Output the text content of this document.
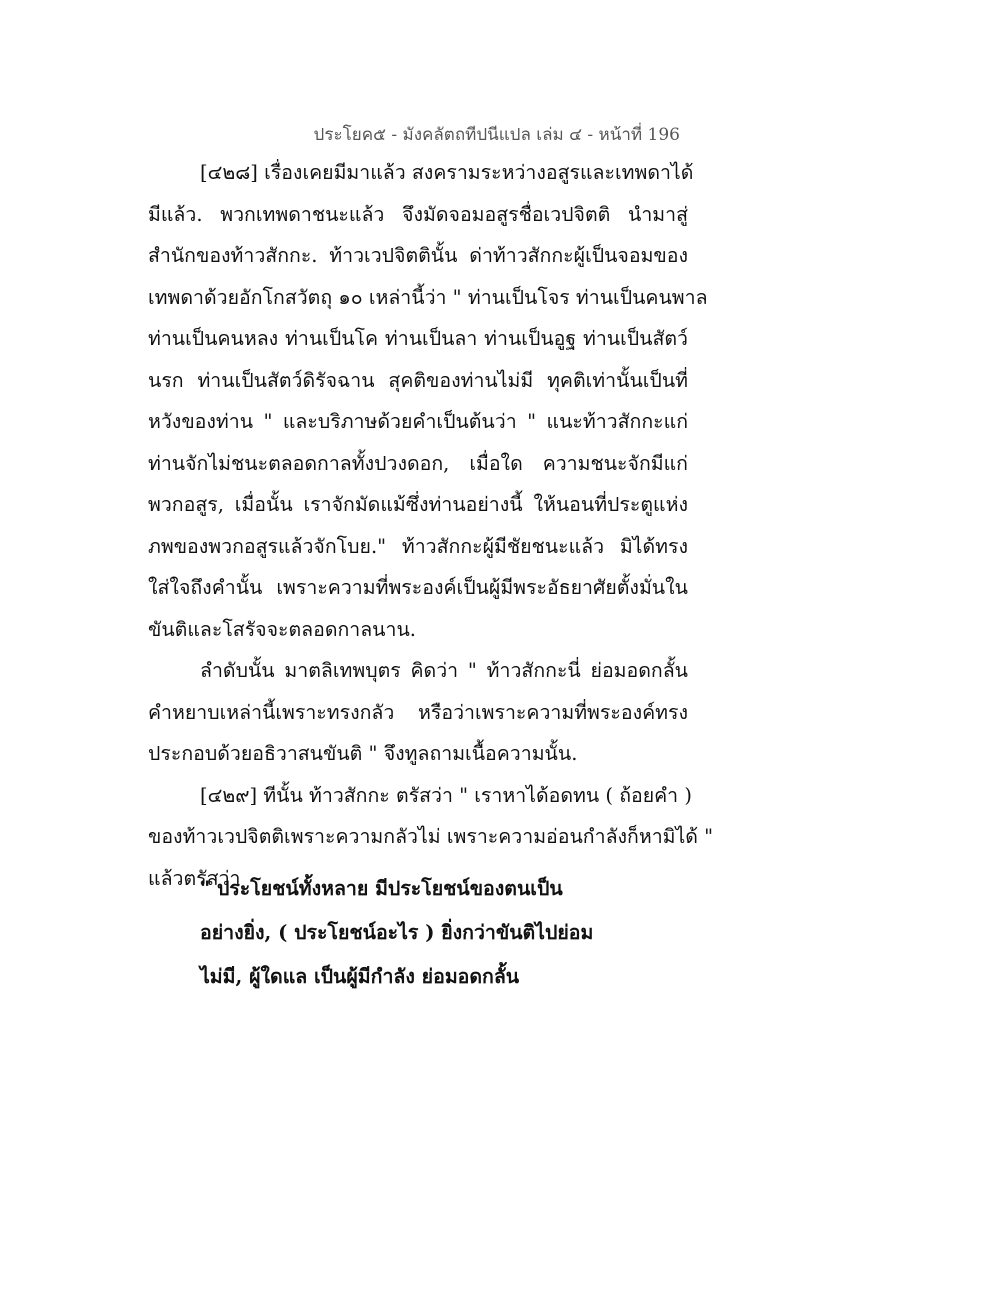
ประโยค๕ - มังคลัตถทีปนีแปล เล่ม ๔ - หน้าที่ 196
[๔๒๘] เรื่องเคยมีมาแล้ว สงครามระหว่างอสูรและเทพดาได้
มีแล้ว. พวกเทพดาชนะแล้ว จึงมัดจอมอสูรชื่อเวปจิตติ นำมาสู่
สำนักของท้าวสักกะ. ท้าวเวปจิตตินั้น ด่าท้าวสักกะผู้เป็นจอมของ
เทพดาด้วยอักโกสวัตถุ ๑๐ เหล่านี้ว่า " ท่านเป็นโจร ท่านเป็นคนพาล
ท่านเป็นคนหลง ท่านเป็นโค ท่านเป็นลา ท่านเป็นอูฐ ท่านเป็นสัตว์
นรก ท่านเป็นสัตว์ดิรัจฉาน สุคติของท่านไม่มี ทุคติเท่านั้นเป็นที่
หวังของท่าน " และบริภาษด้วยคำเป็นต้นว่า " แนะท้าวสักกะแก่
ท่านจักไม่ชนะตลอดกาลทั้งปวงดอก, เมื่อใด ความชนะจักมีแก่
พวกอสูร, เมื่อนั้น เราจักมัดแม้ซึ่งท่านอย่างนี้ ให้นอนที่ประตูแห่ง
ภพของพวกอสูรแล้วจักโบย." ท้าวสักกะผู้มีชัยชนะแล้ว มิได้ทรง
ใส่ใจถึงคำนั้น เพราะความที่พระองค์เป็นผู้มีพระอัธยาศัยตั้งมั่นใน
ขันติและโสรัจจะตลอดกาลนาน.
ลำดับนั้น มาตลิเทพบุตร คิดว่า " ท้าวสักกะนี่ ย่อมอดกลั้น
คำหยาบเหล่านี้เพราะทรงกลัว หรือว่าเพราะความที่พระองค์ทรง
ประกอบด้วยอธิวาสนขันติ " จึงทูลถามเนื้อความนั้น.
[๔๒๙] ทีนั้น ท้าวสักกะ ตรัสว่า " เราหาได้อดทน ( ถ้อยคำ )
ของท้าวเวปจิตติเพราะความกลัวไม่ เพราะความอ่อนกำลังก็หามิได้ "
แล้วตรัสว่า
" ประโยชน์ทั้งหลาย มีประโยชน์ของตนเป็น
อย่างยิ่ง, ( ประโยชน์อะไร ) ยิ่งกว่าขันติไปย่อม
ไม่มี, ผู้ใดแล เป็นผู้มีกำลัง ย่อมอดกลั้น
